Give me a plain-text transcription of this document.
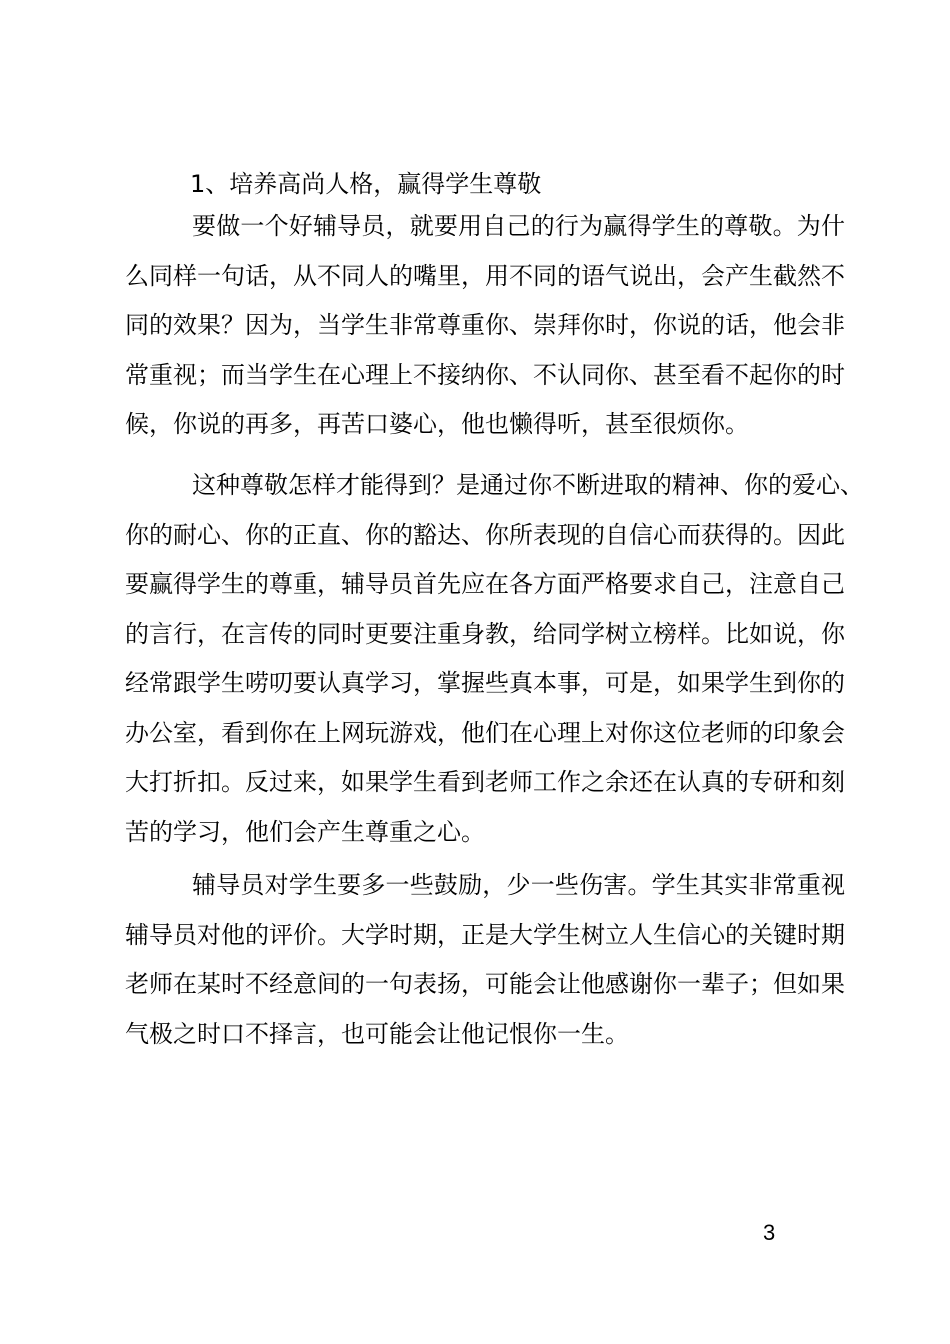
1、培养高尚人格，赢得学生尊敬
要做一个好辅导员，就要用自己的行为赢得学生的尊敬。为什
么同样一句话，从不同人的嘴里，用不同的语气说出，会产生截然不
同的效果？因为，当学生非常尊重你、崇拜你时，你说的话，他会非
常重视；而当学生在心理上不接纳你、不认同你、甚至看不起你的时
候，你说的再多，再苦口婆心，他也懒得听，甚至很烦你。
这种尊敬怎样才能得到？是通过你不断进取的精神、你的爱心、
你的耐心、你的正直、你的豁达、你所表现的自信心而获得的。因此
要赢得学生的尊重，辅导员首先应在各方面严格要求自己，注意自己
的言行，在言传的同时更要注重身教，给同学树立榜样。比如说，你
经常跟学生唠叨要认真学习，掌握些真本事，可是，如果学生到你的
办公室，看到你在上网玩游戏，他们在心理上对你这位老师的印象会
大打折扣。反过来，如果学生看到老师工作之余还在认真的专研和刻
苦的学习，他们会产生尊重之心。
辅导员对学生要多一些鼓励，少一些伤害。学生其实非常重视
辅导员对他的评价。大学时期，正是大学生树立人生信心的关键时期
老师在某时不经意间的一句表扬，可能会让他感谢你一辈子；但如果
气极之时口不择言，也可能会让他记恨你一生。
3
